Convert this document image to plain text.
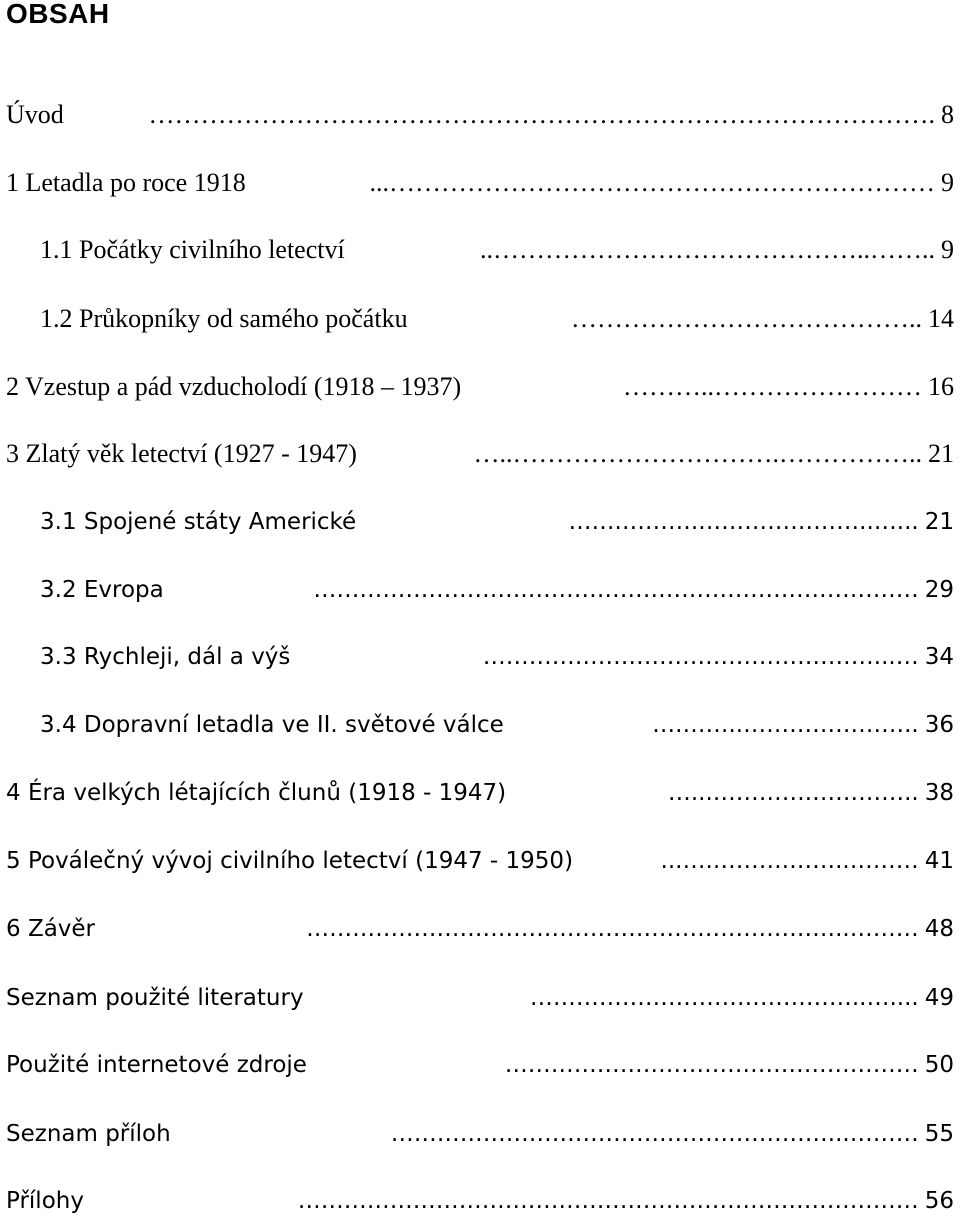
OBSAH
Úvod	………………………………………………………………………………. 8
1 Letadla po roce 1918	...……………………………………………………… 9
1.1 Počátky civilního letectví	..……………………………………..…….. 9
1.2 Průkopníky od samého počátku	………………………………….. 14
2 Vzestup a pád vzducholodí (1918 – 1937)	………..…………………… 16
3 Zlatý věk letectví (1927 - 1947)	…..………………………….…………….. 21
3.1 Spojené státy Americké	…….……….…………………..…... 21
3.2 Evropa	……………………….…………………………………………… 29
3.3 Rychleji, dál a výš	……………………………………………...… 34
3.4 Dopravní letadla ve II. světové válce	….……..………………….. 36
4 Éra velkých létajících člunů (1918 - 1947)	…...………….………….. 38
5 Poválečný vývoj civilního letectví (1947 - 1950)	...….……….……..……… 41
6 Závěr	……………………………………………………………..……… 48
Seznam použité literatury	……………………………………..….... 49
Použité internetové zdroje	……………………………………………… 50
Seznam příloh	…………………………………………………...……… 55
Přílohy	……………………………………………………………………… 56
